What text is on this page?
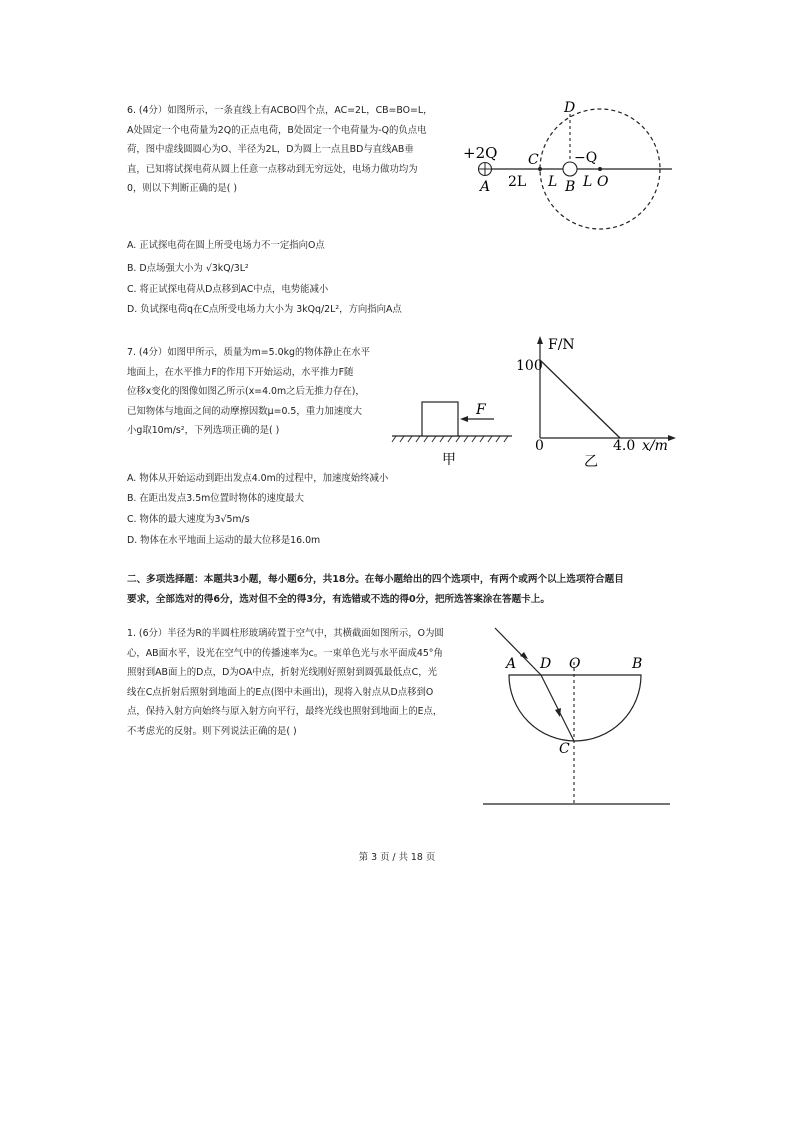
6. (4分）如图所示，一条直线上有ACBO四个点，AC=2L，CB=BO=L，
A处固定一个电荷量为2Q的正点电荷，B处固定一个电荷量为-Q的负点电
荷，图中虚线圆圆心为O、半径为2L，D为圆上一点且BD与直线AB垂
直，已知将试探电荷从圆上任意一点移动到无穷远处，电场力做功均为
0，则以下判断正确的是( )
+2Q
A 2L
C
L
−Q
B L O
D
A. 正试探电荷在圆上所受电场力不一定指向O点
B. D点场强大小为 √3kQ/3L²
C. 将正试探电荷从D点移到AC中点，电势能减小
D. 负试探电荷q在C点所受电场力大小为 3kQq/2L²，方向指向A点
7. (4分）如图甲所示，质量为m=5.0kg的物体静止在水平
地面上，在水平推力F的作用下开始运动，水平推力F随
位移x变化的图像如图乙所示(x=4.0m之后无推力存在)，
已知物体与地面之间的动摩擦因数μ=0.5，重力加速度大
小g取10m/s²，下列选项正确的是( )
F
甲
F/N
x/m
100
4.0
0
乙
A. 物体从开始运动到距出发点4.0m的过程中，加速度始终减小
B. 在距出发点3.5m位置时物体的速度最大
C. 物体的最大速度为3√5m/s
D. 物体在水平地面上运动的最大位移是16.0m
二、多项选择题：本题共3小题，每小题6分，共18分。在每小题给出的四个选项中，有两个或两个以上选项符合题目
要求，全部选对的得6分，选对但不全的得3分，有选错或不选的得0分，把所选答案涂在答题卡上。
1. (6分）半径为R的半圆柱形玻璃砖置于空气中，其横截面如图所示，O为圆
心，AB面水平，设光在空气中的传播速率为c。一束单色光与水平面成45°角
照射到AB面上的D点，D为OA中点，折射光线刚好照射到圆弧最低点C，光
线在C点折射后照射到地面上的E点(图中未画出)，现将入射点从D点移到O
点，保持入射方向始终与原入射方向平行，最终光线也照射到地面上的E点，
不考虑光的反射。则下列说法正确的是( )
A D O	B
C
第 3 页 / 共 18 页
